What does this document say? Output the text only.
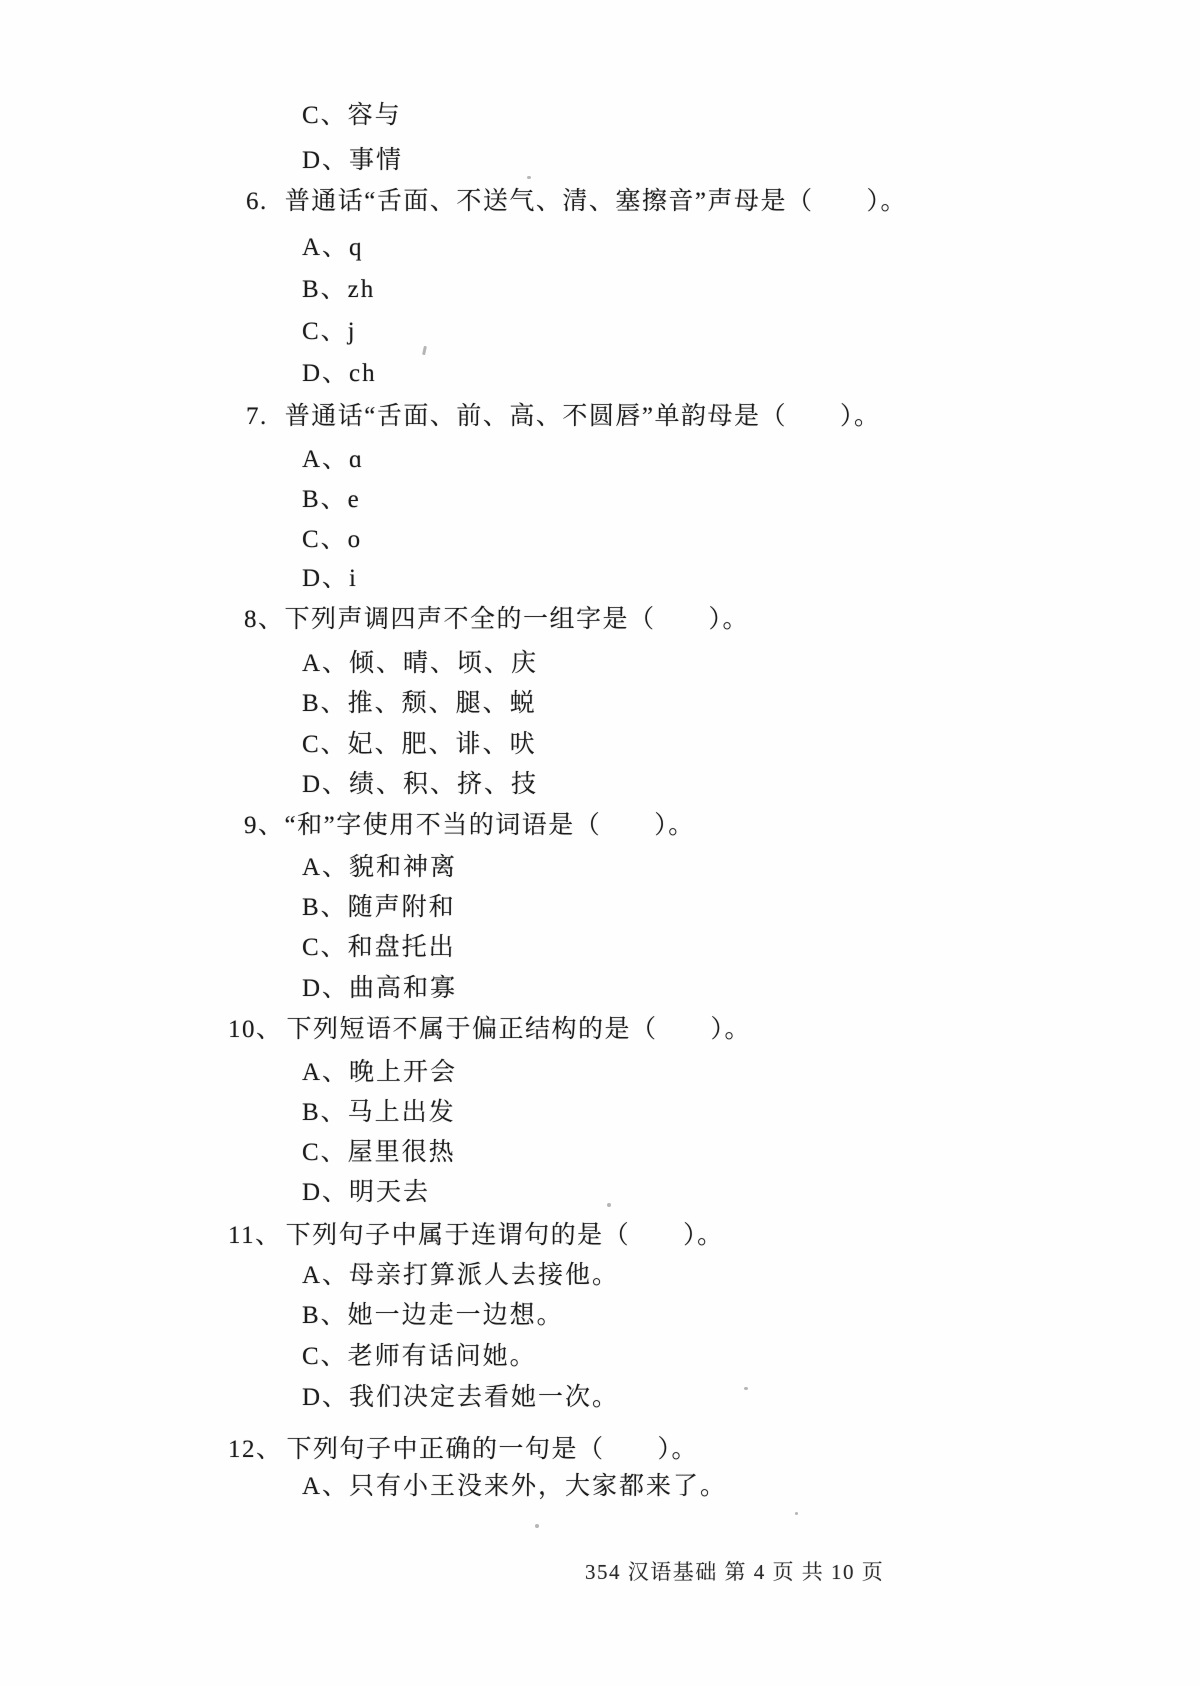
C、容与
D、事情
6. 普通话“舌面、不送气、清、塞擦音”声母是（　　）。
A、q
B、zh
C、j
D、ch
7. 普通话“舌面、前、高、不圆唇”单韵母是（　　）。
A、ɑ
B、e
C、o
D、i
8、下列声调四声不全的一组字是（　　）。
A、倾、晴、顷、庆
B、推、颓、腿、蜕
C、妃、肥、诽、吠
D、绩、积、挤、技
9、“和”字使用不当的词语是（　　）。
A、貌和神离
B、随声附和
C、和盘托出
D、曲高和寡
10、 下列短语不属于偏正结构的是（　　）。
A、晚上开会
B、马上出发
C、屋里很热
D、明天去
11、 下列句子中属于连谓句的是（　　）。
A、母亲打算派人去接他。
B、她一边走一边想。
C、老师有话问她。
D、我们决定去看她一次。
12、 下列句子中正确的一句是（　　）。
A、只有小王没来外，大家都来了。
354 汉语基础 第 4 页 共 10 页
